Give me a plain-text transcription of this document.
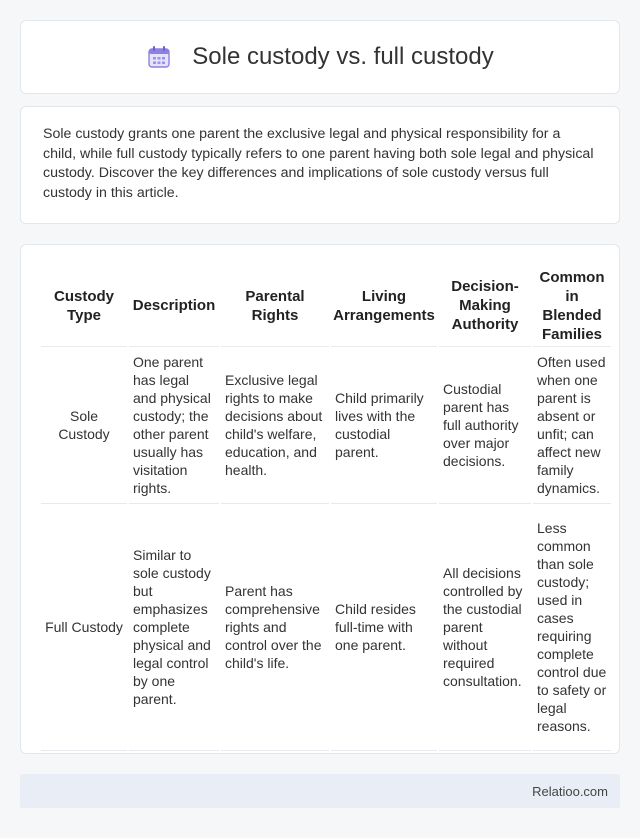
Sole custody vs. full custody

Sole custody grants one parent the exclusive legal and physical responsibility for a child, while full custody typically refers to one parent having both sole legal and physical custody. Discover the key differences and implications of sole custody versus full custody in this article.

Custody Type	Description	Parental Rights	Living Arrangements	Decision-Making Authority	Common in Blended Families
Sole Custody	One parent has legal and physical custody; the other parent usually has visitation rights.	Exclusive legal rights to make decisions about child's welfare, education, and health.	Child primarily lives with the custodial parent.	Custodial parent has full authority over major decisions.	Often used when one parent is absent or unfit; can affect new family dynamics.
Full Custody	Similar to sole custody but emphasizes complete physical and legal control by one parent.	Parent has comprehensive rights and control over the child's life.	Child resides full-time with one parent.	All decisions controlled by the custodial parent without required consultation.	Less common than sole custody; used in cases requiring complete control due to safety or legal reasons.
Relatioo.com
